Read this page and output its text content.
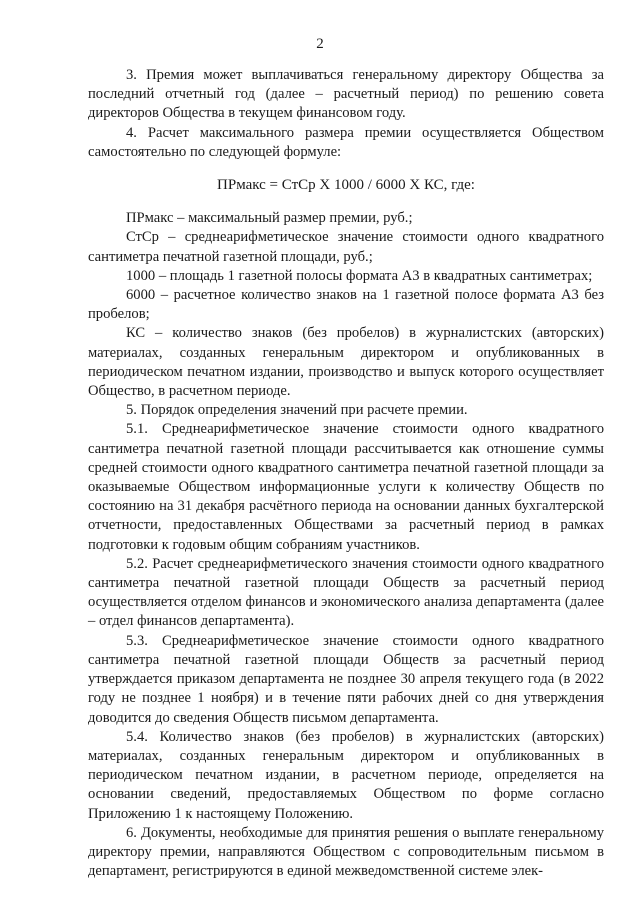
2

3. Премия может выплачиваться генеральному директору Общества за последний отчетный год (далее – расчетный период) по решению совета директоров Общества в текущем финансовом году.

4. Расчет максимального размера премии осуществляется Обществом самостоятельно по следующей формуле:

ПРмакс = СтСр Х 1000 / 6000 Х КС, где:

ПРмакс – максимальный размер премии, руб.;

СтСр – среднеарифметическое значение стоимости одного квадратного сантиметра печатной газетной площади, руб.;

1000 – площадь 1 газетной полосы формата А3 в квадратных сантиметрах;

6000 – расчетное количество знаков на 1 газетной полосе формата А3 без пробелов;

КС – количество знаков (без пробелов) в журналистских (авторских) материалах, созданных генеральным директором и опубликованных в периодическом печатном издании, производство и выпуск которого осуществляет Общество, в расчетном периоде.

5. Порядок определения значений при расчете премии.

5.1. Среднеарифметическое значение стоимости одного квадратного сантиметра печатной газетной площади рассчитывается как отношение суммы средней стоимости одного квадратного сантиметра печатной газетной площади за оказываемые Обществом информационные услуги к количеству Обществ по состоянию на 31 декабря расчётного периода на основании данных бухгалтерской отчетности, предоставленных Обществами за расчетный период в рамках подготовки к годовым общим собраниям участников.

5.2. Расчет среднеарифметического значения стоимости одного квадратного сантиметра печатной газетной площади Обществ за расчетный период осуществляется отделом финансов и экономического анализа департамента (далее – отдел финансов департамента).

5.3. Среднеарифметическое значение стоимости одного квадратного сантиметра печатной газетной площади Обществ за расчетный период утверждается приказом департамента не позднее 30 апреля текущего года (в 2022 году не позднее 1 ноября) и в течение пяти рабочих дней со дня утверждения доводится до сведения Обществ письмом департамента.

5.4. Количество знаков (без пробелов) в журналистских (авторских) материалах, созданных генеральным директором и опубликованных в периодическом печатном издании, в расчетном периоде, определяется на основании сведений, предоставляемых Обществом по форме согласно Приложению 1 к настоящему Положению.

6. Документы, необходимые для принятия решения о выплате генеральному директору премии, направляются Обществом с сопроводительным письмом в департамент, регистрируются в единой межведомственной системе элек-
